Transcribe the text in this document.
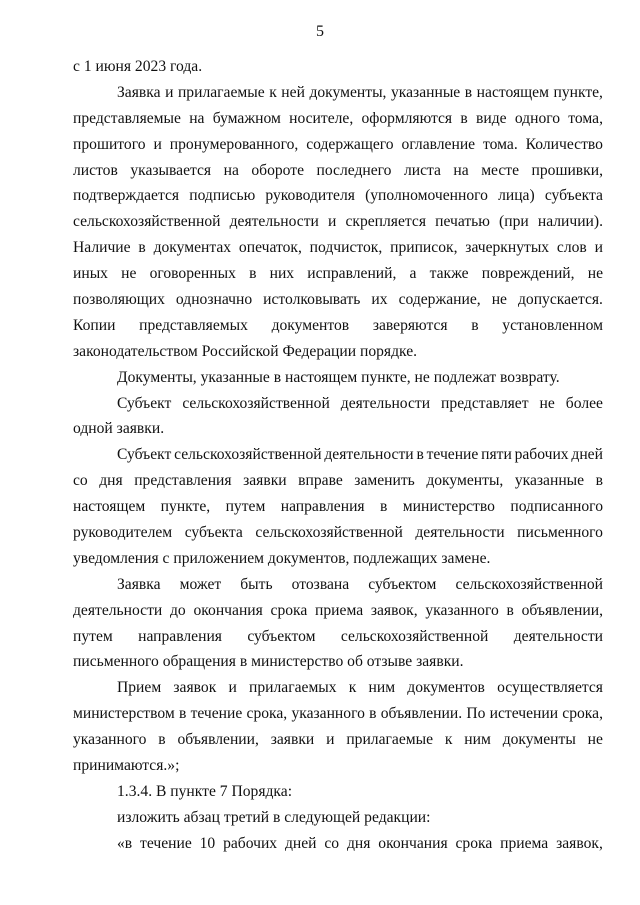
5
с 1 июня 2023 года.
Заявка и прилагаемые к ней документы, указанные в настоящем пункте,
представляемые на бумажном носителе, оформляются в виде одного тома,
прошитого и пронумерованного, содержащего оглавление тома. Количество
листов указывается на обороте последнего листа на месте прошивки,
подтверждается подписью руководителя (уполномоченного лица) субъекта
сельскохозяйственной деятельности и скрепляется печатью (при наличии).
Наличие в документах опечаток, подчисток, приписок, зачеркнутых слов и
иных не оговоренных в них исправлений, а также повреждений, не
позволяющих однозначно истолковывать их содержание, не допускается.
Копии представляемых документов заверяются в установленном
законодательством Российской Федерации порядке.
Документы, указанные в настоящем пункте, не подлежат возврату.
Субъект сельскохозяйственной деятельности представляет не более
одной заявки.
Субъект сельскохозяйственной деятельности в течение пяти рабочих дней
со дня представления заявки вправе заменить документы, указанные в
настоящем пункте, путем направления в министерство подписанного
руководителем субъекта сельскохозяйственной деятельности письменного
уведомления с приложением документов, подлежащих замене.
Заявка может быть отозвана субъектом сельскохозяйственной
деятельности до окончания срока приема заявок, указанного в объявлении,
путем направления субъектом сельскохозяйственной деятельности
письменного обращения в министерство об отзыве заявки.
Прием заявок и прилагаемых к ним документов осуществляется
министерством в течение срока, указанного в объявлении. По истечении срока,
указанного в объявлении, заявки и прилагаемые к ним документы не
принимаются.»;
1.3.4. В пункте 7 Порядка:
изложить абзац третий в следующей редакции:
«в течение 10 рабочих дней со дня окончания срока приема заявок,
